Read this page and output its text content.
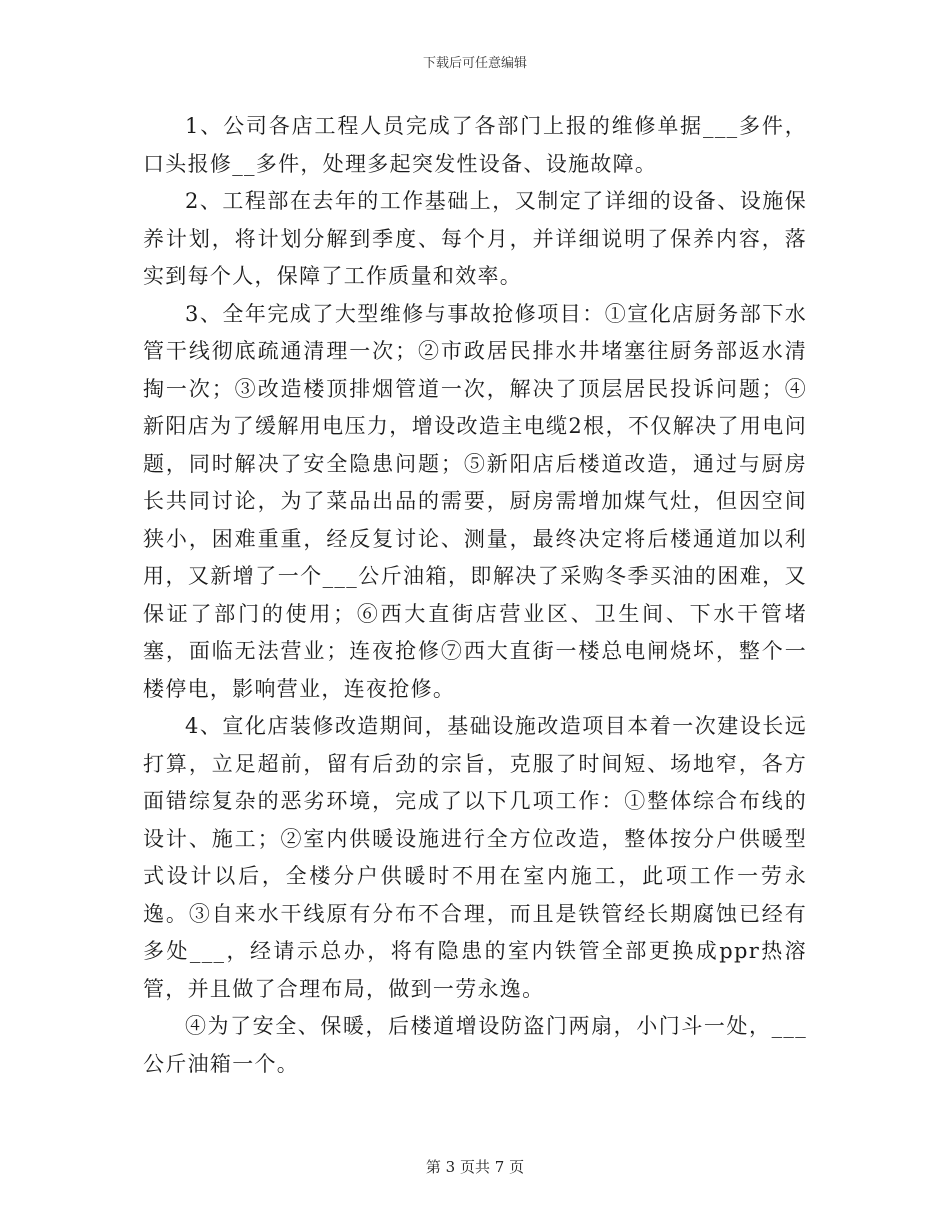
下载后可任意编辑

1、公司各店工程人员完成了各部门上报的维修单据___多件，口头报修__多件，处理多起突发性设备、设施故障。

2、工程部在去年的工作基础上，又制定了详细的设备、设施保养计划，将计划分解到季度、每个月，并详细说明了保养内容，落实到每个人，保障了工作质量和效率。

3、全年完成了大型维修与事故抢修项目：①宣化店厨务部下水管干线彻底疏通清理一次；②市政居民排水井堵塞往厨务部返水清掏一次；③改造楼顶排烟管道一次，解决了顶层居民投诉问题；④新阳店为了缓解用电压力，增设改造主电缆2根，不仅解决了用电问题，同时解决了安全隐患问题；⑤新阳店后楼道改造，通过与厨房长共同讨论，为了菜品出品的需要，厨房需增加煤气灶，但因空间狭小，困难重重，经反复讨论、测量，最终决定将后楼通道加以利用，又新增了一个___公斤油箱，即解决了采购冬季买油的困难，又保证了部门的使用；⑥西大直街店营业区、卫生间、下水干管堵塞，面临无法营业；连夜抢修⑦西大直街一楼总电闸烧坏，整个一楼停电，影响营业，连夜抢修。

4、宣化店装修改造期间，基础设施改造项目本着一次建设长远打算，立足超前，留有后劲的宗旨，克服了时间短、场地窄，各方面错综复杂的恶劣环境，完成了以下几项工作：①整体综合布线的设计、施工；②室内供暖设施进行全方位改造，整体按分户供暖型式设计以后，全楼分户供暖时不用在室内施工，此项工作一劳永逸。③自来水干线原有分布不合理，而且是铁管经长期腐蚀已经有多处___，经请示总办，将有隐患的室内铁管全部更换成ppr热溶管，并且做了合理布局，做到一劳永逸。

④为了安全、保暖，后楼道增设防盗门两扇，小门斗一处，___公斤油箱一个。

第 3 页共 7 页
